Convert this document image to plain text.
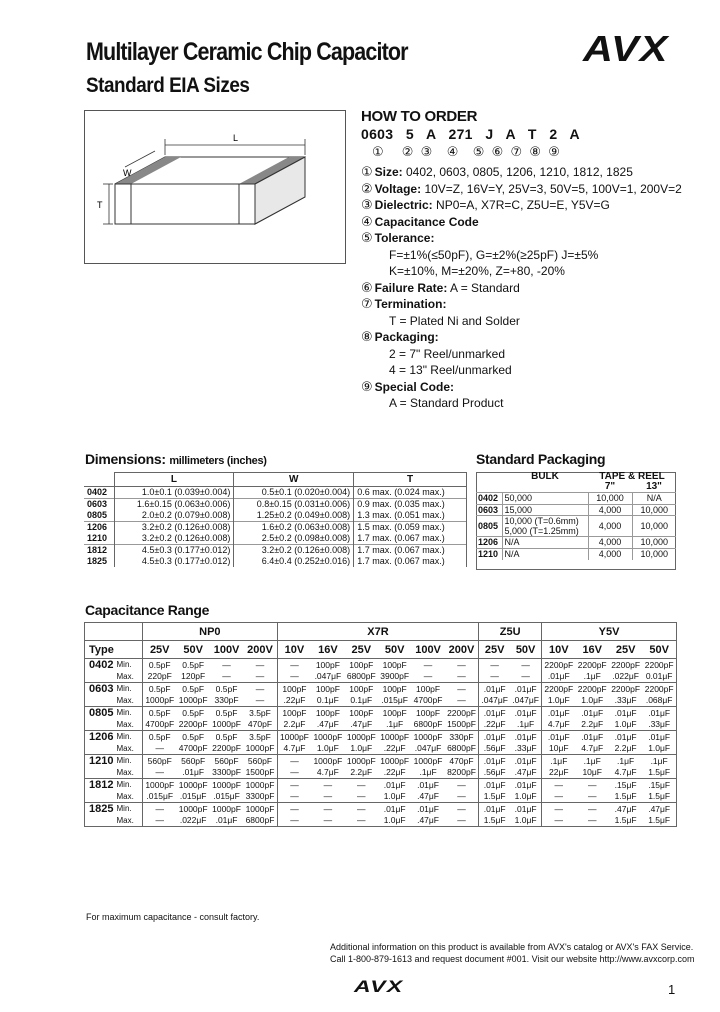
Multilayer Ceramic Chip Capacitor
Standard EIA Sizes
AVX
L
W
T
HOW TO ORDER
0603   5   A   271   J   A   T   2   A
①     ②  ③    ④    ⑤  ⑥  ⑦  ⑧  ⑨
① Size: 0402, 0603, 0805, 1206, 1210, 1812, 1825
② Voltage: 10V=Z, 16V=Y, 25V=3, 50V=5, 100V=1, 200V=2
③ Dielectric: NP0=A, X7R=C, Z5U=E, Y5V=G
④ Capacitance Code
⑤ Tolerance:
F=±1%(≤50pF), G=±2%(≥25pF) J=±5%
K=±10%, M=±20%, Z=+80, -20%
⑥ Failure Rate: A = Standard
⑦ Termination:
T = Plated Ni and Solder
⑧ Packaging:
2 = 7" Reel/unmarked
4 = 13" Reel/unmarked
⑨ Special Code:
A = Standard Product
Dimensions: millimeters (inches)
	L	W	T
0402	1.0±0.1 (0.039±0.004)	0.5±0.1 (0.020±0.004)	0.6 max. (0.024 max.)
0603	1.6±0.15 (0.063±0.006)	0.8±0.15 (0.031±0.006)	0.9 max. (0.035 max.)
0805	2.0±0.2 (0.079±0.008)	1.25±0.2 (0.049±0.008)	1.3 max. (0.051 max.)
1206	3.2±0.2 (0.126±0.008)	1.6±0.2 (0.063±0.008)	1.5 max. (0.059 max.)
1210	3.2±0.2 (0.126±0.008)	2.5±0.2 (0.098±0.008)	1.7 max. (0.067 max.)
1812	4.5±0.3 (0.177±0.012)	3.2±0.2 (0.126±0.008)	1.7 max. (0.067 max.)
1825	4.5±0.3 (0.177±0.012)	6.4±0.4 (0.252±0.016)	1.7 max. (0.067 max.)
Standard Packaging
	BULK	TAPE & REEL	
		7"	13"
0402	50,000	10,000	N/A
0603	15,000	4,000	10,000
0805	10,000 (T=0.6mm)
5,000 (T=1.25mm)	4,000	10,000
1206	N/A	4,000	10,000
1210	N/A	4,000	10,000
Capacitance Range
		NP0				X7R						Z5U		Y5V			
Type		25V	50V	100V	200V	10V	16V	25V	50V	100V	200V	25V	50V	10V	16V	25V	50V
0402	Min.	0.5pF	0.5pF	—	—	—	100pF	100pF	100pF	—	—	—	—	2200pF	2200pF	2200pF	2200pF
	Max.	220pF	120pF	—	—	—	.047μF	6800pF	3900pF	—	—	—	—	.01μF	.1μF	.022μF	0.01μF
0603	Min.	0.5pF	0.5pF	0.5pF	—	100pF	100pF	100pF	100pF	100pF	—	.01μF	.01μF	2200pF	2200pF	2200pF	2200pF
	Max.	1000pF	1000pF	330pF	—	.22μF	0.1μF	0.1μF	.015μF	4700pF	—	.047μF	.047μF	1.0μF	1.0μF	.33μF	.068μF
0805	Min.	0.5pF	0.5pF	0.5pF	3.5pF	100pF	100pF	100pF	100pF	100pF	2200pF	.01μF	.01μF	.01μF	.01μF	.01μF	.01μF
	Max.	4700pF	2200pF	1000pF	470pF	2.2μF	.47μF	.47μF	.1μF	6800pF	1500pF	.22μF	.1μF	4.7μF	2.2μF	1.0μF	.33μF
1206	Min.	0.5pF	0.5pF	0.5pF	3.5pF	1000pF	1000pF	1000pF	1000pF	1000pF	330pF	.01μF	.01μF	.01μF	.01μF	.01μF	.01μF
	Max.	—	4700pF	2200pF	1000pF	4.7μF	1.0μF	1.0μF	.22μF	.047μF	6800pF	.56μF	.33μF	10μF	4.7μF	2.2μF	1.0μF
1210	Min.	560pF	560pF	560pF	560pF	—	1000pF	1000pF	1000pF	1000pF	470pF	.01μF	.01μF	.1μF	.1μF	.1μF	.1μF
	Max.	—	.01μF	3300pF	1500pF	—	4.7μF	2.2μF	.22μF	.1μF	8200pF	.56μF	.47μF	22μF	10μF	4.7μF	1.5μF
1812	Min.	1000pF	1000pF	1000pF	1000pF	—	—	—	.01μF	.01μF	—	.01μF	.01μF	—	—	.15μF	.15μF
	Max.	.015μF	.015μF	.015μF	3300pF	—	—	—	1.0μF	.47μF	—	1.5μF	1.0μF	—	—	1.5μF	1.5μF
1825	Min.	—	1000pF	1000pF	1000pF	—	—	—	.01μF	.01μF	—	.01μF	.01μF	—	—	.47μF	.47μF
	Max.	—	.022μF	.01μF	6800pF	—	—	—	1.0μF	.47μF	—	1.5μF	1.0μF	—	—	1.5μF	1.5μF
For maximum capacitance - consult factory.
Additional information on this product is available from AVX's catalog or AVX's FAX Service.
Call 1-800-879-1613 and request document #001. Visit our website http://www.avxcorp.com
AVX	1
